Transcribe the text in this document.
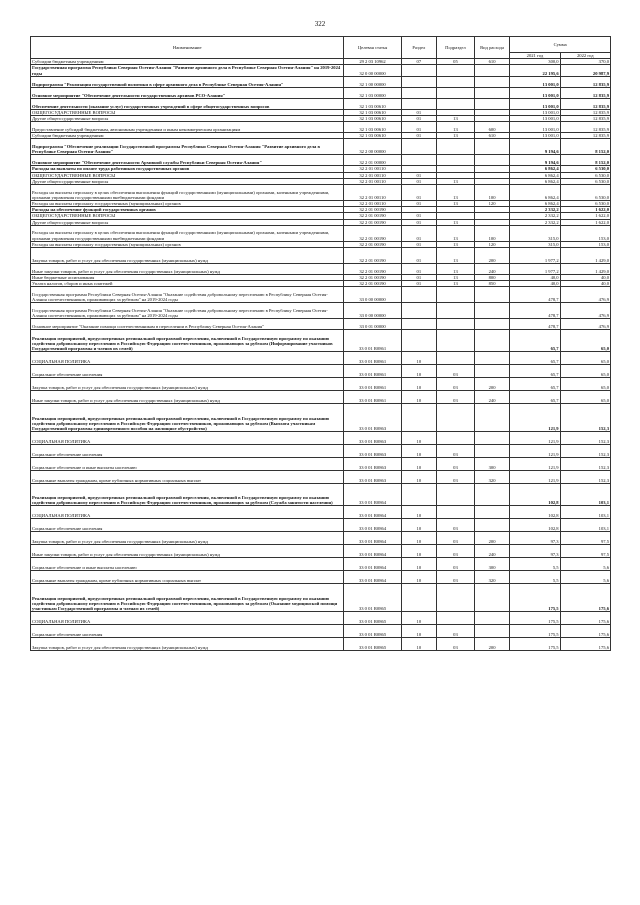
322
Наименование	Целевая статья	Раздел	Подраздел	Вид расхода	Сумма	
					2021 год	2022 год
Субсидии бюджетным учреждениям	29 2 03 10962	07	05	610	300,0	370,0
Государственная программа Республики Северная Осетия-Алания "Развитие архивного дела в Республике Северная Осетия-Алания" на 2019-2024 годы	32 0 00 00000				22 195,6	20 987,9
Подпрограмма "Реализация государственной политики в сфере архивного дела в Республике Северная Осетия-Алания"	32 1 00 00000				13 001,0	12 835,9
Основное мероприятие "Обеспечение деятельности государственных архивов РСО-Алания"	32 1 03 00000				13 001,0	12 835,9
Обеспечение деятельности (оказание услуг) государственных учреждений в сфере общегосударственных вопросов	32 1 03 00610				13 001,0	12 835,9
ОБЩЕГОСУДАРСТВЕННЫЕ ВОПРОСЫ	32 1 03 00610	01			13 001,0	12 835,9
Другие общегосударственные вопросы	32 1 03 00610	01	13		13 001,0	12 835,9
Предоставление субсидий бюджетным, автономным учреждениям и иным некоммерческим организациям	32 1 03 00610	01	13	600	13 001,0	12 835,9
Субсидии бюджетным учреждениям	32 1 03 00610	01	13	610	13 001,0	12 835,9
Подпрограмма "Обеспечение реализации Государственной программы Республики Северная Осетия-Алания "Развитие архивного дела в Республике Северная Осетия-Алания"	32 2 00 00000				9 194,6	8 152,0
Основное мероприятие "Обеспечение деятельности Архивной службы Республики Северная Осетия-Алания"	32 2 01 00000				9 194,6	8 152,0
Расходы на выплаты по оплате труда работников государственных органов	32 2 01 00110				6 862,4	6 530,0
ОБЩЕГОСУДАРСТВЕННЫЕ ВОПРОСЫ	32 2 01 00110	01			6 862,4	6 530,0
Другие общегосударственные вопросы	32 2 01 00110	01	13		6 862,4	6 530,0
Расходы на выплаты персоналу в целях обеспечения выполнения функций государственными (муниципальными) органами, казенными учреждениями, органами управления государственными внебюджетными фондами	32 2 01 00110	01	13	100	6 862,4	6 530,0
Расходы на выплаты персоналу государственных (муниципальных) органов	32 2 01 00110	01	13	120	6 862,4	6 530,0
Расходы на обеспечение функций государственных органов	32 2 01 00190				2 332,2	1 622,0
ОБЩЕГОСУДАРСТВЕННЫЕ ВОПРОСЫ	32 2 01 00190	01			2 332,2	1 622,0
Другие общегосударственные вопросы	32 2 01 00190	01	13		2 332,2	1 622,0
Расходы на выплаты персоналу в целях обеспечения выполнения функций государственными (муниципальными) органами, казенными учреждениями, органами управления государственными внебюджетными фондами	32 2 01 00190	01	13	100	315,0	153,0
Расходы на выплаты персоналу государственных (муниципальных) органов	32 2 01 00190	01	13	120	315,0	153,0
Закупка товаров, работ и услуг для обеспечения государственных (муниципальных) нужд	32 2 01 00190	01	13	200	1 977,2	1 429,0
Иные закупки товаров, работ и услуг для обеспечения государственных (муниципальных) нужд	32 2 01 00190	01	13	240	1 977,2	1 429,0
Иные бюджетные ассигнования	32 2 01 00190	01	13	800	40,0	40,0
Уплата налогов, сборов и иных платежей	32 2 01 00190	01	13	850	40,0	40,0
Государственная программа Республики Северная Осетия-Алания "Оказание содействия добровольному переселению в Республику Северная Осетия-Алания соотечественников, проживающих за рубежом" на 2019-2024 годы	33 0 00 00000				478,7	476,9
Государственная программа Республики Северная Осетия-Алания "Оказание содействия добровольному переселению в Республику Северная Осетия-Алания соотечественников, проживающих за рубежом" на 2019-2024 годы	33 0 00 00000				478,7	476,9
Основное мероприятие "Оказание помощи соотечественникам в переселении в Республику Северная Осетия-Алания"	33 0 01 00000				478,7	476,9
Реализация мероприятий, предусмотренных региональной программой переселения, включенной в Государственную программу по оказанию содействия добровольному переселению в Российскую Федерацию соотечественников, проживающих за рубежом (Информирование участников Государственной программы и членов их семей)	33 0 01 R0861				65,7	65,0
СОЦИАЛЬНАЯ ПОЛИТИКА	33 0 01 R0861	10			65,7	65,0
Социальное обеспечение населения	33 0 01 R0861	10	03		65,7	65,0
Закупка товаров, работ и услуг для обеспечения государственных (муниципальных) нужд	33 0 01 R0861	10	03	200	65,7	65,0
Иные закупки товаров, работ и услуг для обеспечения государственных (муниципальных) нужд	33 0 01 R0861	10	03	240	65,7	65,0
Реализация мероприятий, предусмотренных региональной программой переселения, включенной в Государственную программу по оказанию содействия добровольному переселению в Российскую Федерацию соотечественников, проживающих за рубежом (Выплата участникам Государственной программы единовременного пособия на жилищное обустройство)	33 0 01 R0863				121,9	152,3
СОЦИАЛЬНАЯ ПОЛИТИКА	33 0 01 R0863	10			121,9	152,3
Социальное обеспечение населения	33 0 01 R0863	10	03		121,9	152,3
Социальное обеспечение и иные выплаты населению	33 0 01 R0863	10	03	300	121,9	152,3
Социальные выплаты гражданам, кроме публичных нормативных социальных выплат	33 0 01 R0863	10	03	320	121,9	152,3
Реализация мероприятий, предусмотренных региональной программой переселения, включенной в Государственную программу по оказанию содействия добровольному переселению в Российскую Федерацию соотечественников, проживающих за рубежом (Служба занятости населения)	33 0 01 R0864				102,8	103,1
СОЦИАЛЬНАЯ ПОЛИТИКА	33 0 01 R0864	10			102,8	103,1
Социальное обеспечение населения	33 0 01 R0864	10	03		102,8	103,1
Закупка товаров, работ и услуг для обеспечения государственных (муниципальных) нужд	33 0 01 R0864	10	03	200	97,3	97,5
Иные закупки товаров, работ и услуг для обеспечения государственных (муниципальных) нужд	33 0 01 R0864	10	03	240	97,3	97,5
Социальное обеспечение и иные выплаты населению	33 0 01 R0864	10	03	300	5,5	5,6
Социальные выплаты гражданам, кроме публичных нормативных социальных выплат	33 0 01 R0864	10	03	320	5,5	5,6
Реализация мероприятий, предусмотренных региональной программой переселения, включенной в Государственную программу по оказанию содействия добровольному переселению в Российскую Федерацию соотечественников, проживающих за рубежом (Оказание медицинской помощи участникам Государственной программы и членам их семей)	33 0 01 R0865				175,5	175,6
СОЦИАЛЬНАЯ ПОЛИТИКА	33 0 01 R0865	10			175,5	175,6
Социальное обеспечение населения	33 0 01 R0865	10	03		175,5	175,6
Закупка товаров, работ и услуг для обеспечения государственных (муниципальных) нужд	33 0 01 R0865	10	03	200	175,5	175,6
